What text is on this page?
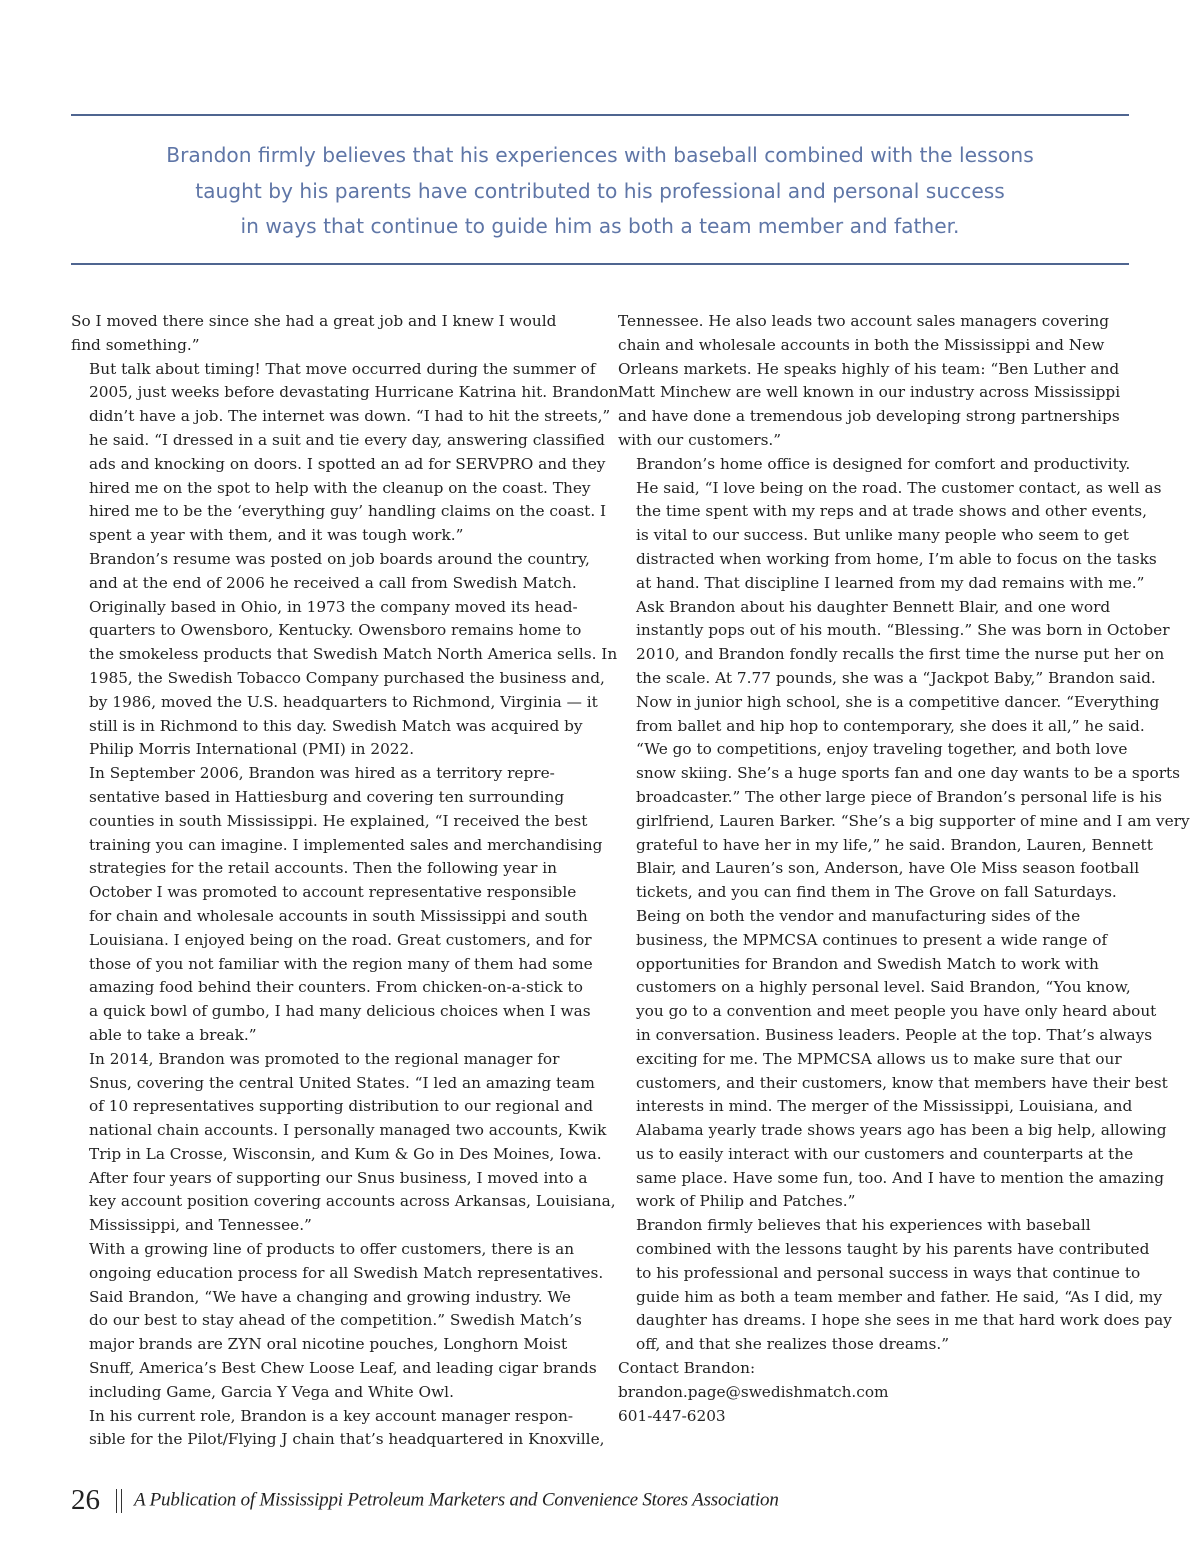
Brandon firmly believes that his experiences with baseball combined with the lessons
taught by his parents have contributed to his professional and personal success
in ways that continue to guide him as both a team member and father.

So I moved there since she had a great job and I knew I would
find something.”

But talk about timing! That move occurred during the summer of
2005, just weeks before devastating Hurricane Katrina hit. Brandon
didn’t have a job. The internet was down. “I had to hit the streets,”
he said. “I dressed in a suit and tie every day, answering classified
ads and knocking on doors. I spotted an ad for SERVPRO and they
hired me on the spot to help with the cleanup on the coast. They
hired me to be the ‘everything guy’ handling claims on the coast. I
spent a year with them, and it was tough work.”

Brandon’s resume was posted on job boards around the country,
and at the end of 2006 he received a call from Swedish Match.
Originally based in Ohio, in 1973 the company moved its head-
quarters to Owensboro, Kentucky. Owensboro remains home to
the smokeless products that Swedish Match North America sells. In
1985, the Swedish Tobacco Company purchased the business and,
by 1986, moved the U.S. headquarters to Richmond, Virginia — it
still is in Richmond to this day. Swedish Match was acquired by
Philip Morris International (PMI) in 2022.

In September 2006, Brandon was hired as a territory repre-
sentative based in Hattiesburg and covering ten surrounding
counties in south Mississippi. He explained, “I received the best
training you can imagine. I implemented sales and merchandising
strategies for the retail accounts. Then the following year in
October I was promoted to account representative responsible
for chain and wholesale accounts in south Mississippi and south
Louisiana. I enjoyed being on the road. Great customers, and for
those of you not familiar with the region many of them had some
amazing food behind their counters. From chicken-on-a-stick to
a quick bowl of gumbo, I had many delicious choices when I was
able to take a break.”

In 2014, Brandon was promoted to the regional manager for
Snus, covering the central United States. “I led an amazing team
of 10 representatives supporting distribution to our regional and
national chain accounts. I personally managed two accounts, Kwik
Trip in La Crosse, Wisconsin, and Kum & Go in Des Moines, Iowa.
After four years of supporting our Snus business, I moved into a
key account position covering accounts across Arkansas, Louisiana,
Mississippi, and Tennessee.”

With a growing line of products to offer customers, there is an
ongoing education process for all Swedish Match representatives.
Said Brandon, “We have a changing and growing industry. We
do our best to stay ahead of the competition.” Swedish Match’s
major brands are ZYN oral nicotine pouches, Longhorn Moist
Snuff, America’s Best Chew Loose Leaf, and leading cigar brands
including Game, Garcia Y Vega and White Owl.

In his current role, Brandon is a key account manager respon-
sible for the Pilot/Flying J chain that’s headquartered in Knoxville,

Tennessee. He also leads two account sales managers covering
chain and wholesale accounts in both the Mississippi and New
Orleans markets. He speaks highly of his team: “Ben Luther and
Matt Minchew are well known in our industry across Mississippi
and have done a tremendous job developing strong partnerships
with our customers.”

Brandon’s home office is designed for comfort and productivity.
He said, “I love being on the road. The customer contact, as well as
the time spent with my reps and at trade shows and other events,
is vital to our success. But unlike many people who seem to get
distracted when working from home, I’m able to focus on the tasks
at hand. That discipline I learned from my dad remains with me.”

Ask Brandon about his daughter Bennett Blair, and one word
instantly pops out of his mouth. “Blessing.” She was born in October
2010, and Brandon fondly recalls the first time the nurse put her on
the scale. At 7.77 pounds, she was a “Jackpot Baby,” Brandon said.
Now in junior high school, she is a competitive dancer. “Everything
from ballet and hip hop to contemporary, she does it all,” he said.
“We go to competitions, enjoy traveling together, and both love
snow skiing. She’s a huge sports fan and one day wants to be a sports
broadcaster.” The other large piece of Brandon’s personal life is his
girlfriend, Lauren Barker. “She’s a big supporter of mine and I am very
grateful to have her in my life,” he said. Brandon, Lauren, Bennett
Blair, and Lauren’s son, Anderson, have Ole Miss season football
tickets, and you can find them in The Grove on fall Saturdays.

Being on both the vendor and manufacturing sides of the
business, the MPMCSA continues to present a wide range of
opportunities for Brandon and Swedish Match to work with
customers on a highly personal level. Said Brandon, “You know,
you go to a convention and meet people you have only heard about
in conversation. Business leaders. People at the top. That’s always
exciting for me. The MPMCSA allows us to make sure that our
customers, and their customers, know that members have their best
interests in mind. The merger of the Mississippi, Louisiana, and
Alabama yearly trade shows years ago has been a big help, allowing
us to easily interact with our customers and counterparts at the
same place. Have some fun, too. And I have to mention the amazing
work of Philip and Patches.”

Brandon firmly believes that his experiences with baseball
combined with the lessons taught by his parents have contributed
to his professional and personal success in ways that continue to
guide him as both a team member and father. He said, “As I did, my
daughter has dreams. I hope she sees in me that hard work does pay
off, and that she realizes those dreams.”

Contact Brandon:
brandon.page@swedishmatch.com
601-447-6203

26 A Publication of Mississippi Petroleum Marketers and Convenience Stores Association
